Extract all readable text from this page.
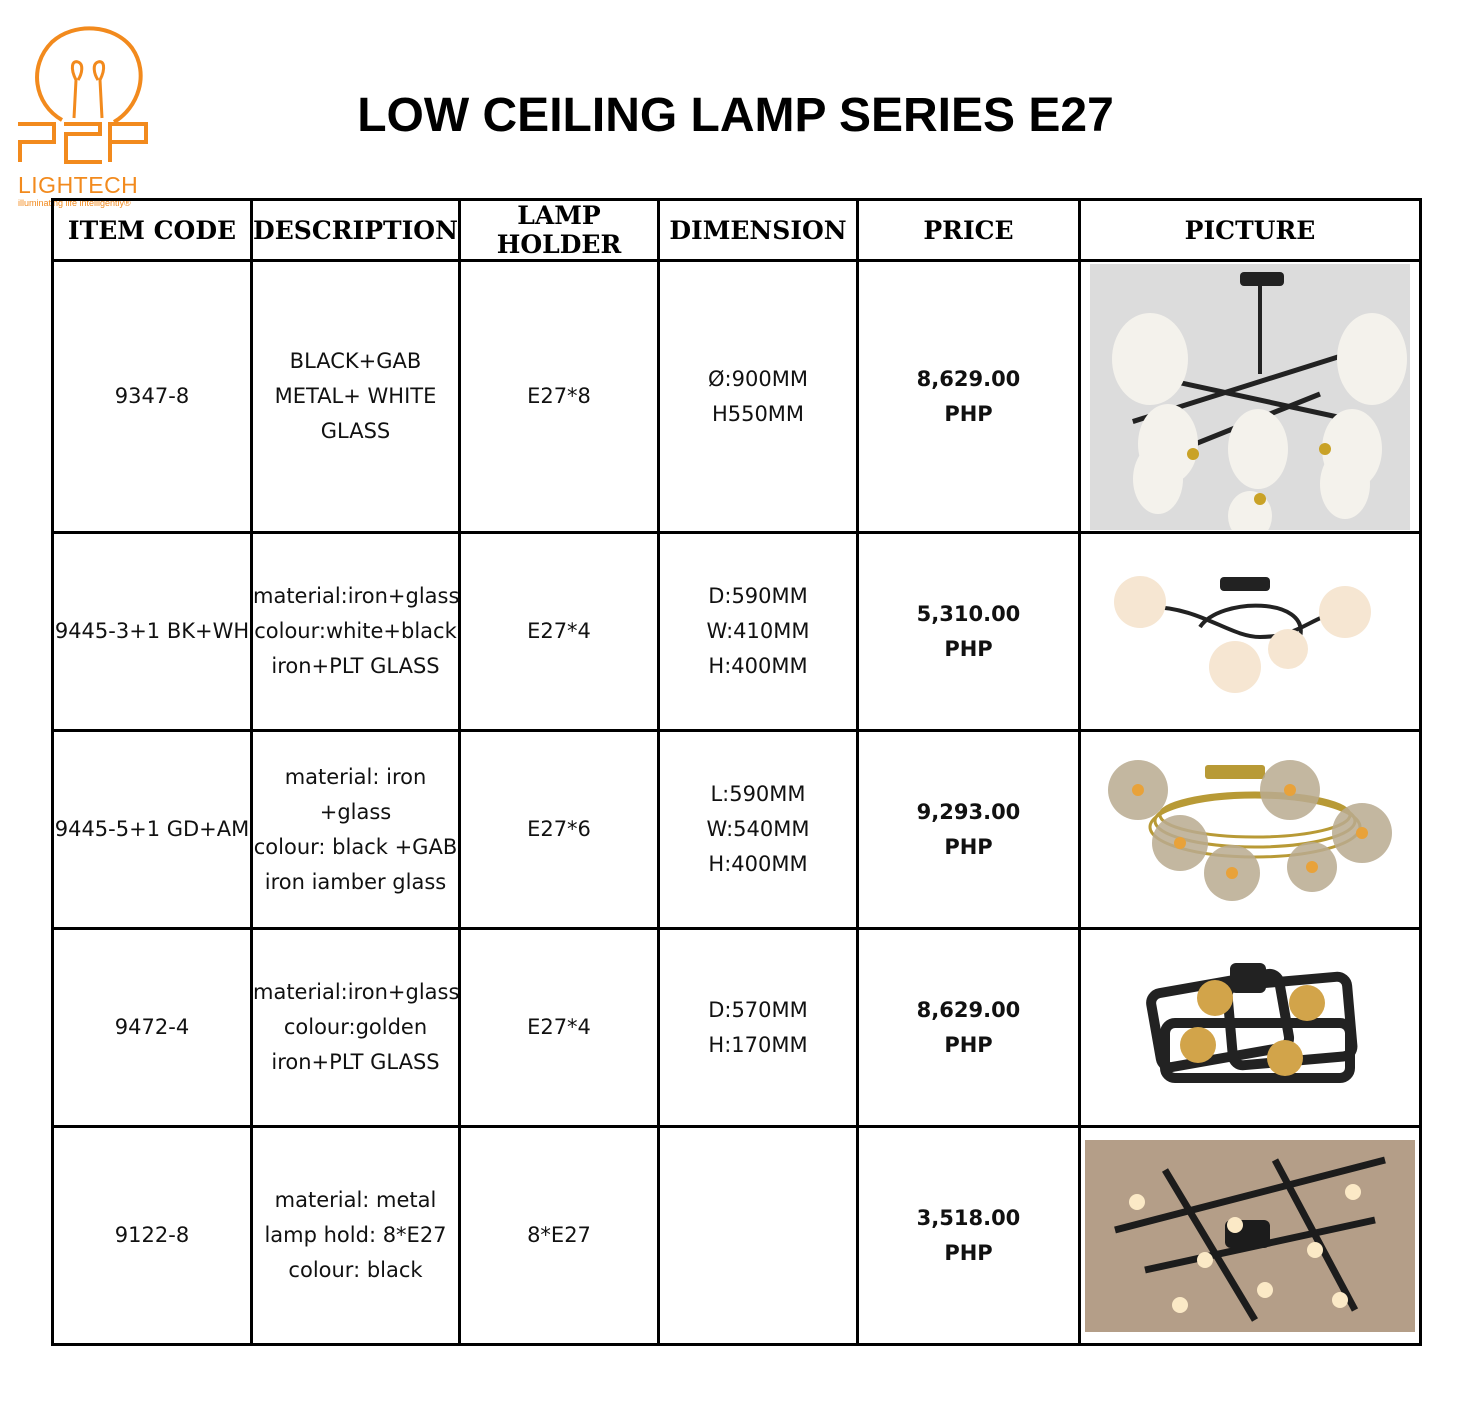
LIGHTECH
illuminating life intelligently®
LOW CEILING LAMP SERIES E27
ITEM CODE	DESCRIPTION	LAMP HOLDER	DIMENSION	PRICE	PICTURE
9347-8	BLACK+GAB
METAL+ WHITE
GLASS	E27*8	Ø:900MM
H550MM	8,629.00
PHP

9445-3+1 BK+WH	material:iron+glass
colour:white+black
iron+PLT GLASS	E27*4	D:590MM
W:410MM
H:400MM	5,310.00
PHP

9445-5+1 GD+AM	material: iron
+glass
colour: black +GAB
iron iamber glass	E27*6	L:590MM
W:540MM
H:400MM	9,293.00
PHP

9472-4	material:iron+glass
colour:golden
iron+PLT GLASS	E27*4	D:570MM
H:170MM	8,629.00
PHP

9122-8	material: metal
lamp hold: 8*E27
colour: black	8*E27		3,518.00
PHP
